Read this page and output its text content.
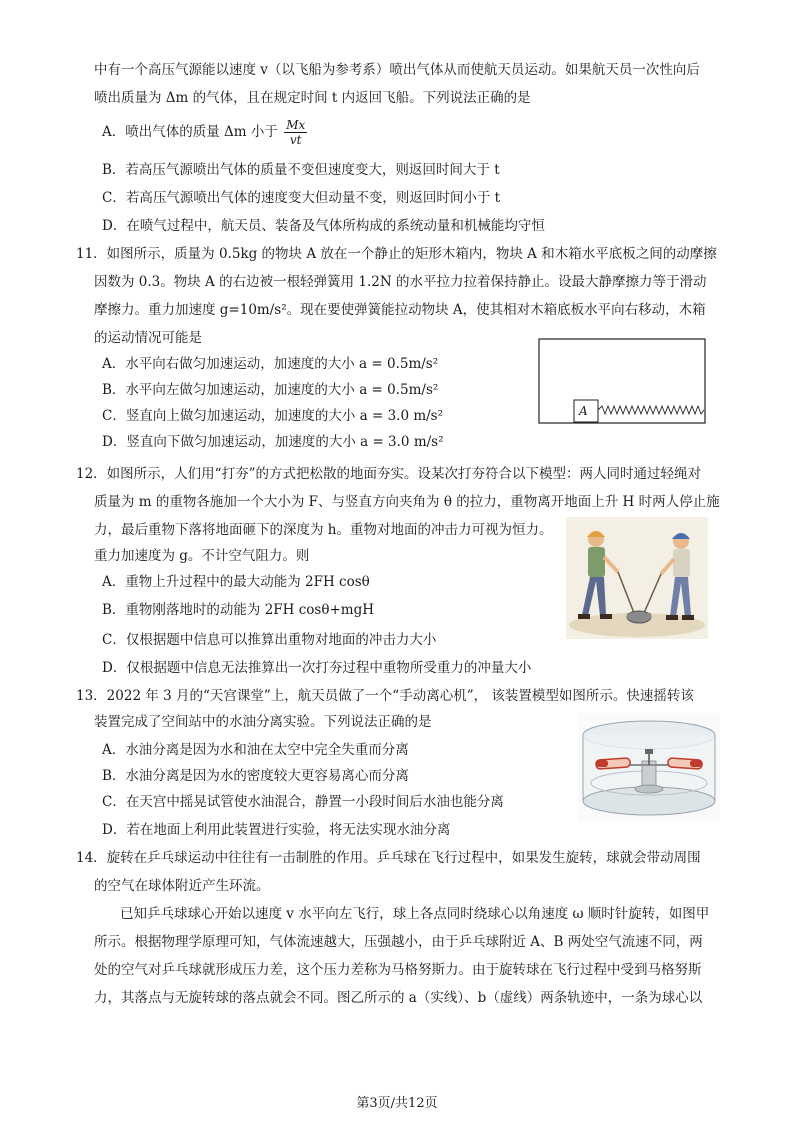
中有一个高压气源能以速度 v（以飞船为参考系）喷出气体从而使航天员运动。如果航天员一次性向后
喷出质量为 Δm 的气体，且在规定时间 t 内返回飞船。下列说法正确的是
A．喷出气体的质量 Δm 小于 $\frac{Mx}{vt}$
B．若高压气源喷出气体的质量不变但速度变大，则返回时间大于 t
C．若高压气源喷出气体的速度变大但动量不变，则返回时间小于 t
D．在喷气过程中，航天员、装备及气体所构成的系统动量和机械能均守恒
11．如图所示，质量为 0.5kg 的物块 A 放在一个静止的矩形木箱内，物块 A 和木箱水平底板之间的动摩擦
因数为 0.3。物块 A 的右边被一根轻弹簧用 1.2N 的水平拉力拉着保持静止。设最大静摩擦力等于滑动
摩擦力。重力加速度 g=10m/s²。现在要使弹簧能拉动物块 A，使其相对木箱底板水平向右移动，木箱
的运动情况可能是
A．水平向右做匀加速运动，加速度的大小 a = 0.5m/s²
B．水平向左做匀加速运动，加速度的大小 a = 0.5m/s²
C．竖直向上做匀加速运动，加速度的大小 a = 3.0 m/s²
D．竖直向下做匀加速运动，加速度的大小 a = 3.0 m/s²
A
12．如图所示，人们用“打夯”的方式把松散的地面夯实。设某次打夯符合以下模型：两人同时通过轻绳对
质量为 m 的重物各施加一个大小为 F、与竖直方向夹角为 θ 的拉力，重物离开地面上升 H 时两人停止施
力，最后重物下落将地面砸下的深度为 h。重物对地面的冲击力可视为恒力。
重力加速度为 g。不计空气阻力。则
A．重物上升过程中的最大动能为 2FH cosθ
B．重物刚落地时的动能为 2FH cosθ+mgH
C．仅根据题中信息可以推算出重物对地面的冲击力大小
D．仅根据题中信息无法推算出一次打夯过程中重物所受重力的冲量大小
13．2022 年 3 月的“天宫课堂”上，航天员做了一个“手动离心机”， 该装置模型如图所示。快速摇转该
装置完成了空间站中的水油分离实验。下列说法正确的是
A．水油分离是因为水和油在太空中完全失重而分离
B．水油分离是因为水的密度较大更容易离心而分离
C．在天宫中摇晃试管使水油混合，静置一小段时间后水油也能分离
D．若在地面上利用此装置进行实验，将无法实现水油分离
14．旋转在乒乓球运动中往往有一击制胜的作用。乒乓球在飞行过程中，如果发生旋转，球就会带动周围
的空气在球体附近产生环流。
已知乒乓球球心开始以速度 v 水平向左飞行，球上各点同时绕球心以角速度 ω 顺时针旋转，如图甲
所示。根据物理学原理可知，气体流速越大，压强越小，由于乒乓球附近 A、B 两处空气流速不同，两
处的空气对乒乓球就形成压力差，这个压力差称为马格努斯力。由于旋转球在飞行过程中受到马格努斯
力，其落点与无旋转球的落点就会不同。图乙所示的 a（实线）、b（虚线）两条轨迹中，一条为球心以
第3页/共12页
